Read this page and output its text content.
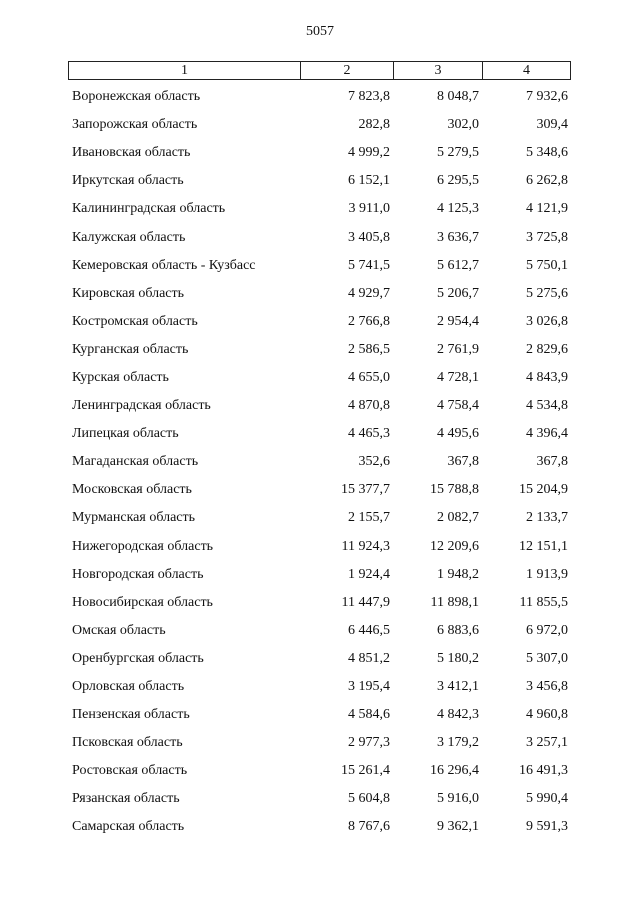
5057
1	2	3	4
Воронежская область	7 823,8	8 048,7	7 932,6
Запорожская область	282,8	302,0	309,4
Ивановская область	4 999,2	5 279,5	5 348,6
Иркутская область	6 152,1	6 295,5	6 262,8
Калининградская область	3 911,0	4 125,3	4 121,9
Калужская область	3 405,8	3 636,7	3 725,8
Кемеровская область - Кузбасс	5 741,5	5 612,7	5 750,1
Кировская область	4 929,7	5 206,7	5 275,6
Костромская область	2 766,8	2 954,4	3 026,8
Курганская область	2 586,5	2 761,9	2 829,6
Курская область	4 655,0	4 728,1	4 843,9
Ленинградская область	4 870,8	4 758,4	4 534,8
Липецкая область	4 465,3	4 495,6	4 396,4
Магаданская область	352,6	367,8	367,8
Московская область	15 377,7	15 788,8	15 204,9
Мурманская область	2 155,7	2 082,7	2 133,7
Нижегородская область	11 924,3	12 209,6	12 151,1
Новгородская область	1 924,4	1 948,2	1 913,9
Новосибирская область	11 447,9	11 898,1	11 855,5
Омская область	6 446,5	6 883,6	6 972,0
Оренбургская область	4 851,2	5 180,2	5 307,0
Орловская область	3 195,4	3 412,1	3 456,8
Пензенская область	4 584,6	4 842,3	4 960,8
Псковская область	2 977,3	3 179,2	3 257,1
Ростовская область	15 261,4	16 296,4	16 491,3
Рязанская область	5 604,8	5 916,0	5 990,4
Самарская область	8 767,6	9 362,1	9 591,3
